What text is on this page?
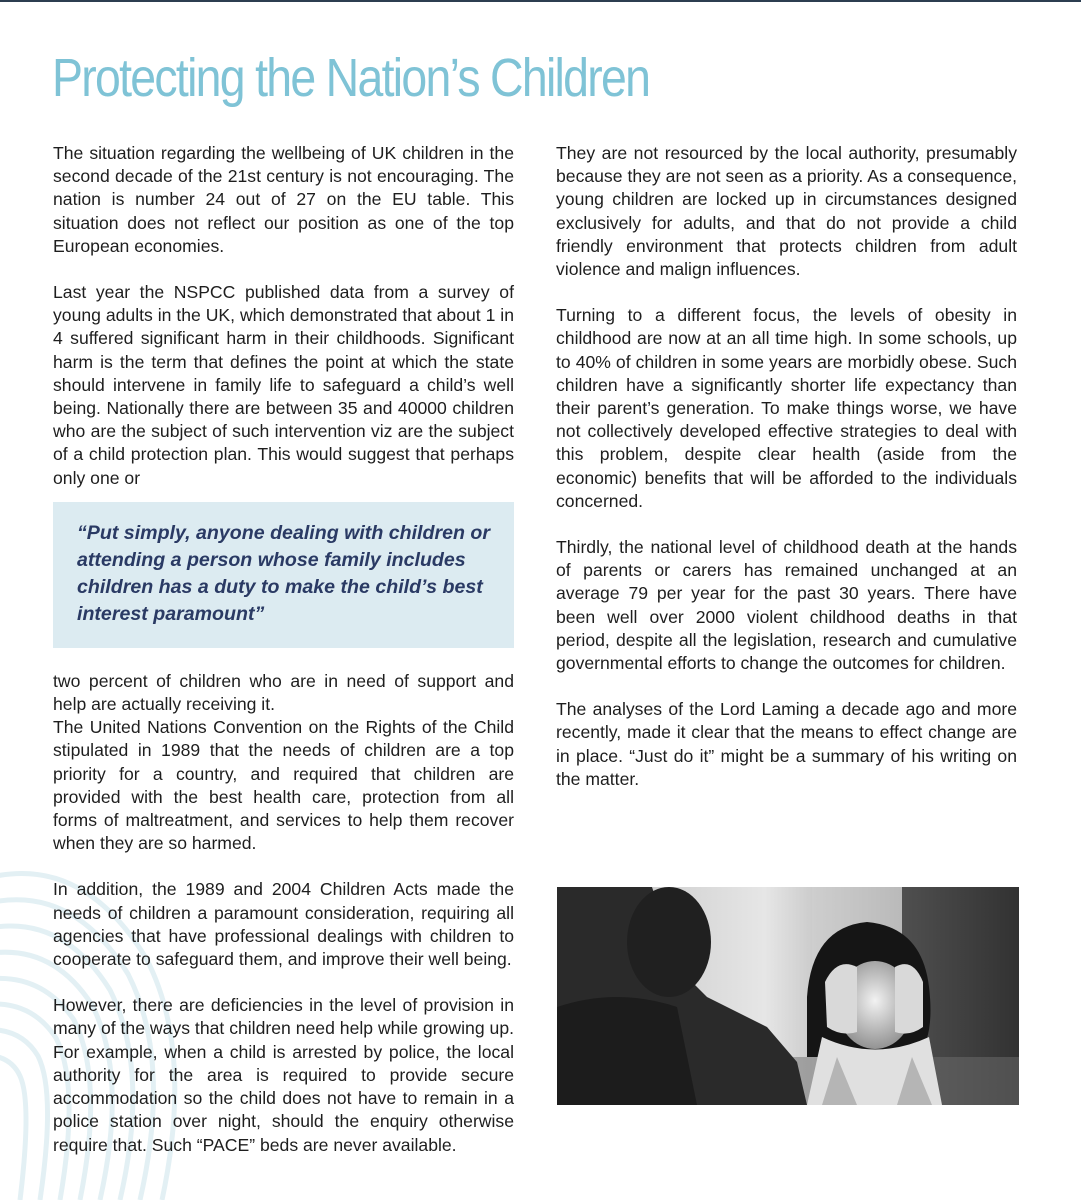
Protecting the Nation’s Children

The situation regarding the wellbeing of UK children in the second decade of the 21st century is not encouraging. The nation is number 24 out of 27 on the EU table. This situation does not reflect our position as one of the top European economies.

Last year the NSPCC published data from a survey of young adults in the UK, which demonstrated that about 1 in 4 suffered significant harm in their childhoods. Significant harm is the term that defines the point at which the state should intervene in family life to safeguard a child’s well being. Nationally there are between 35 and 40000 children who are the subject of such intervention viz are the subject of a child protection plan. This would suggest that perhaps only one or

“Put simply, anyone dealing with children or attending a person whose family includes children has a duty to make the child’s best interest paramount”

two percent of children who are in need of support and help are actually receiving it.

The United Nations Convention on the Rights of the Child stipulated in 1989 that the needs of children are a top priority for a country, and required that children are provided with the best health care, protection from all forms of maltreatment, and services to help them recover when they are so harmed.

In addition, the 1989 and 2004 Children Acts made the needs of children a paramount consideration, requiring all agencies that have professional dealings with children to cooperate to safeguard them, and improve their well being.

However, there are deficiencies in the level of provision in many of the ways that children need help while growing up. For example, when a child is arrested by police, the local authority for the area is required to provide secure accommodation so the child does not have to remain in a police station over night, should the enquiry otherwise require that. Such “PACE” beds are never available.

They are not resourced by the local authority, presumably because they are not seen as a priority. As a consequence, young children are locked up in circumstances designed exclusively for adults, and that do not provide a child friendly environment that protects children from adult violence and malign influences.

Turning to a different focus, the levels of obesity in childhood are now at an all time high. In some schools, up to 40% of children in some years are morbidly obese. Such children have a significantly shorter life expectancy than their parent’s generation. To make things worse, we have not collectively developed effective strategies to deal with this problem, despite clear health (aside from the economic) benefits that will be afforded to the individuals concerned.

Thirdly, the national level of childhood death at the hands of parents or carers has remained unchanged at an average 79 per year for the past 30 years. There have been well over 2000 violent childhood deaths in that period, despite all the legislation, research and cumulative governmental efforts to change the outcomes for children.

The analyses of the Lord Laming a decade ago and more recently, made it clear that the means to effect change are in place. “Just do it” might be a summary of his writing on the matter.
